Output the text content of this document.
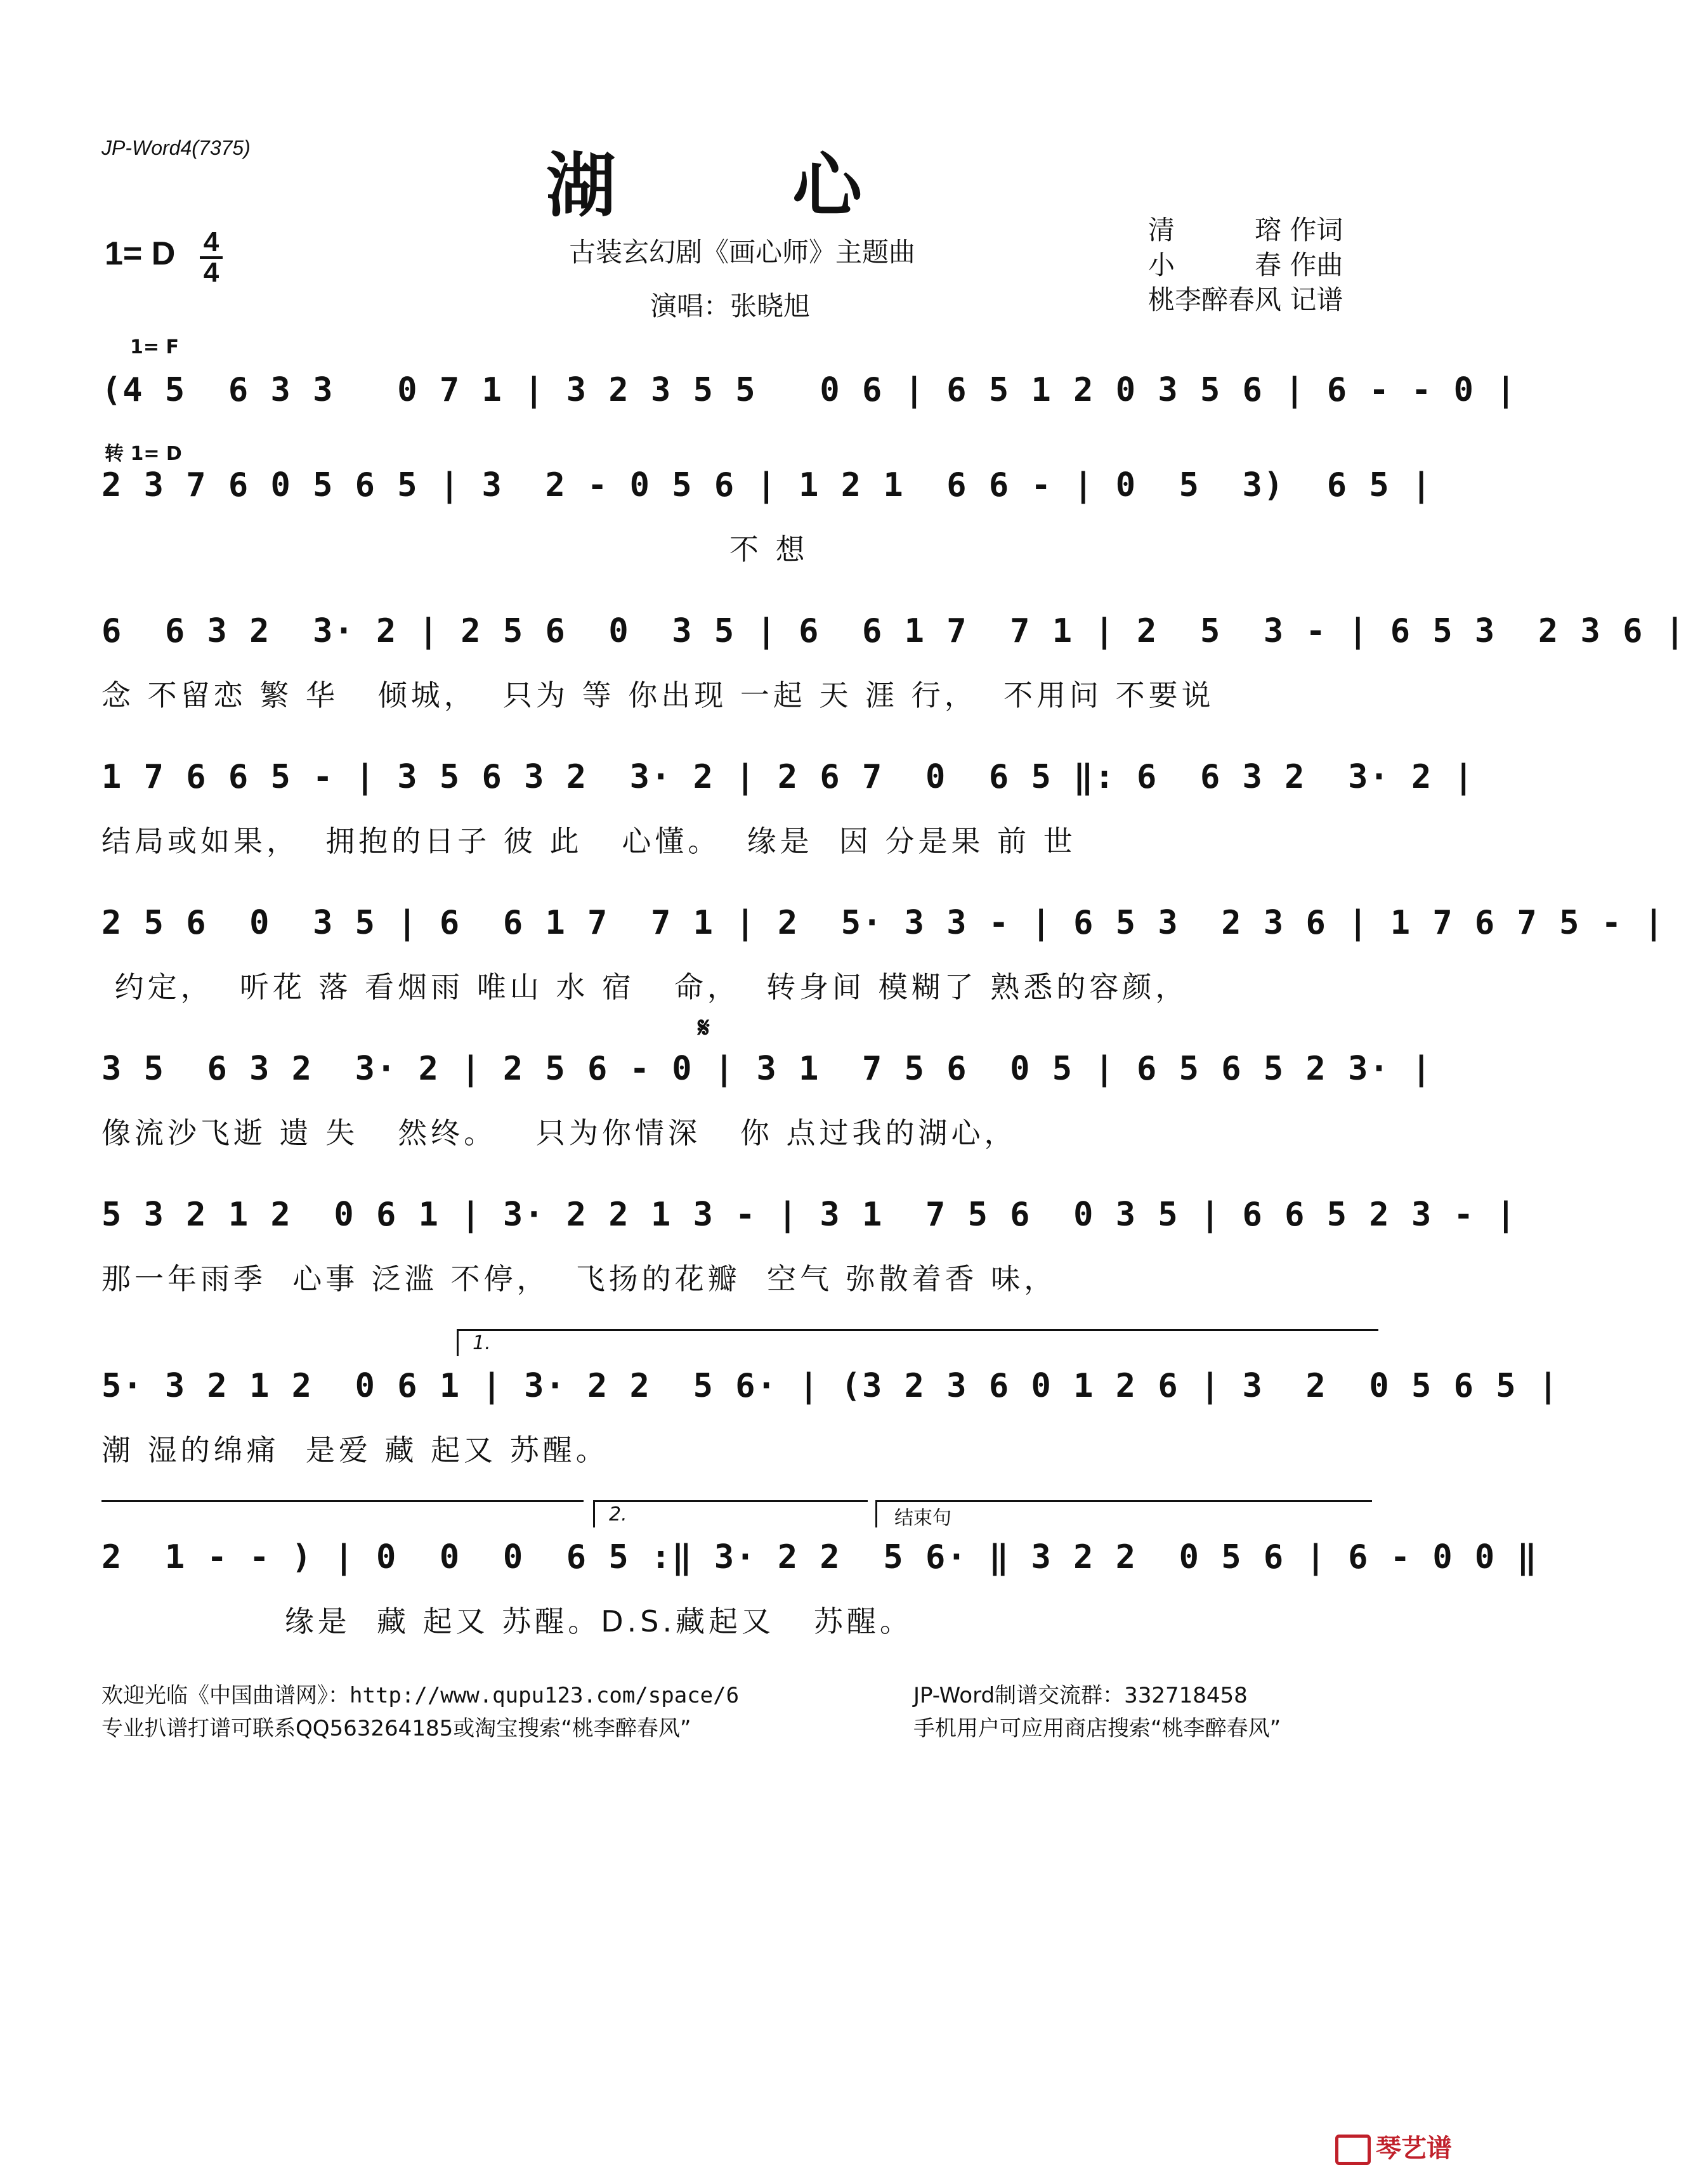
JP-Word4(7375)	湖 心
古装玄幻剧《画心师》主题曲
演唱：张晓旭
1= D 4
4
清　　　瑢 作词
小　　　春 作曲
桃李醉春风 记谱
1= F
(4 5  6 3 3   0 7 1 | 3 2 3 5 5   0 6 | 6 5 1 2 0 3 5 6 | 6 - - 0 |
转 1= D
2 3 7 6 0 5 6 5 | 3  2 - 0 5 6 | 1 2 1  6 6 - | 0  5  3)  6 5 |
不 想
6  6 3 2  3· 2 | 2 5 6  0  3 5 | 6  6 1 7  7 1 | 2  5  3 - | 6 5 3  2 3 6 |
念 不留恋 繁 华   倾城，  只为 等 你出现 一起 天 涯 行，  不用问 不要说
1 7 6 6 5 - | 3 5 6 3 2  3· 2 | 2 6 7  0  6 5 ‖: 6  6 3 2  3· 2 |
结局或如果，  拥抱的日子 彼 此   心懂。  缘是  因 分是果 前 世
2 5 6  0  3 5 | 6  6 1 7  7 1 | 2  5· 3 3 - | 6 5 3  2 3 6 | 1 7 6 7 5 - |
约定，  听花 落 看烟雨 唯山 水 宿   命，  转身间 模糊了 熟悉的容颜，
𝄋
3 5  6 3 2  3· 2 | 2 5 6 - 0 | 3 1  7 5 6  0 5 | 6 5 6 5 2 3· |
像流沙飞逝 遗 失   然终。   只为你情深   你 点过我的湖心，
5 3 2 1 2  0 6 1 | 3· 2 2 1 3 - | 3 1  7 5 6  0 3 5 | 6 6 5 2 3 - |
那一年雨季  心事 泛滥 不停，  飞扬的花瓣  空气 弥散着香 味，
1.
5· 3 2 1 2  0 6 1 | 3· 2 2  5 6· | (3 2 3 6 0 1 2 6 | 3  2  0 5 6 5 |
潮 湿的绵痛  是爱 藏 起又 苏醒。
2.	结束句
2  1 - - ) | 0  0  0  6 5 :‖ 3· 2 2  5 6· ‖ 3 2 2  0 5 6 | 6 - 0 0 ‖
缘是  藏 起又 苏醒。D.S.藏起又   苏醒。
欢迎光临《中国曲谱网》：http://www.qupu123.com/space/6
专业扒谱打谱可联系QQ563264185或淘宝搜索“桃李醉春风”
JP-Word制谱交流群：332718458
手机用户可应用商店搜索“桃李醉春风”
琴艺谱
